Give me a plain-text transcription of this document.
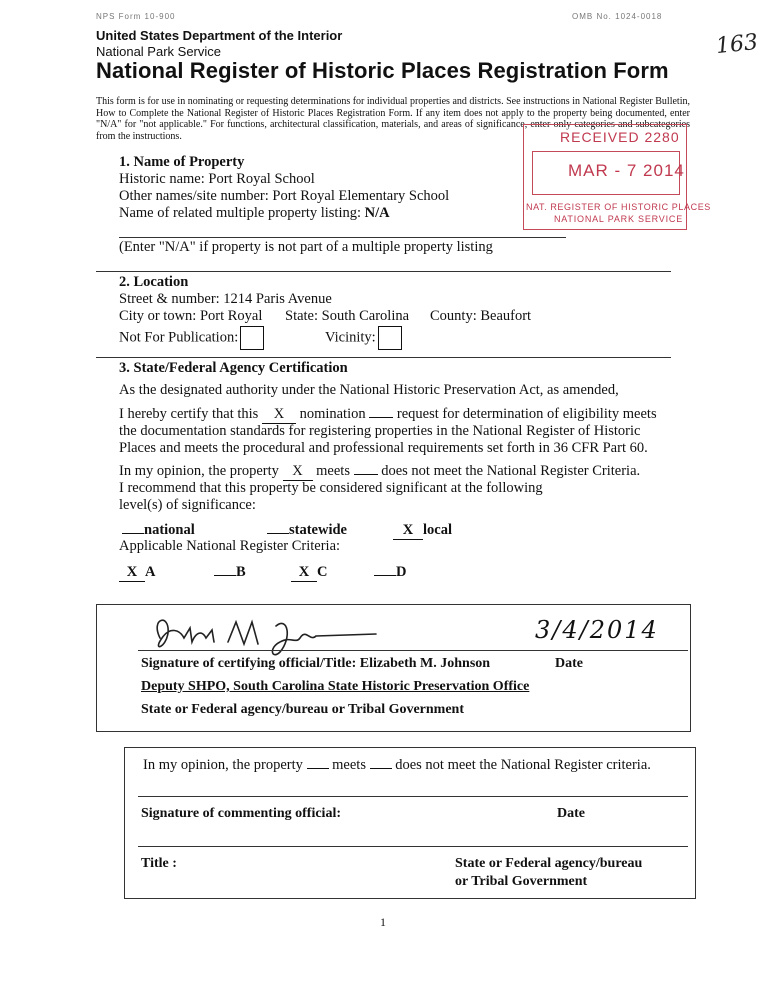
NPS Form 10-900	OMB No. 1024-0018
United States Department of the Interior
National Park Service
National Register of Historic Places Registration Form
163
This form is for use in nominating or requesting determinations for individual properties and districts. See instructions in National Register Bulletin, How to Complete the National Register of Historic Places Registration Form. If any item does not apply to the property being documented, enter "N/A" for "not applicable." For functions, architectural classification, materials, and areas of significance, enter only categories and subcategories from the instructions.	RECEIVED 2280
MAR - 7 2014
NAT. REGISTER OF HISTORIC PLACES
NATIONAL PARK SERVICE
1. Name of Property
Historic name: Port Royal School
Other names/site number: Port Royal Elementary School
Name of related multiple property listing: N/A
(Enter "N/A" if property is not part of a multiple property listing
2. Location
Street & number: 1214 Paris Avenue
City or town: Port Royal State: South Carolina County: Beaufort
Not For Publication:	Vicinity:
3. State/Federal Agency Certification
As the designated authority under the National Historic Preservation Act, as amended,
I hereby certify that this X nomination request for determination of eligibility meets
the documentation standards for registering properties in the National Register of Historic
Places and meets the procedural and professional requirements set forth in 36 CFR Part 60.
In my opinion, the property X meets does not meet the National Register Criteria.
I recommend that this property be considered significant at the following
level(s) of significance:
national	statewide	X local
Applicable National Register Criteria:
X A	B	X C	D
3/4/2014
Signature of certifying official/Title: Elizabeth M. Johnson	Date
Deputy SHPO, South Carolina State Historic Preservation Office
State or Federal agency/bureau or Tribal Government
In my opinion, the property meets does not meet the National Register criteria.
Signature of commenting official:	Date
Title :	State or Federal agency/bureau
or Tribal Government
1
